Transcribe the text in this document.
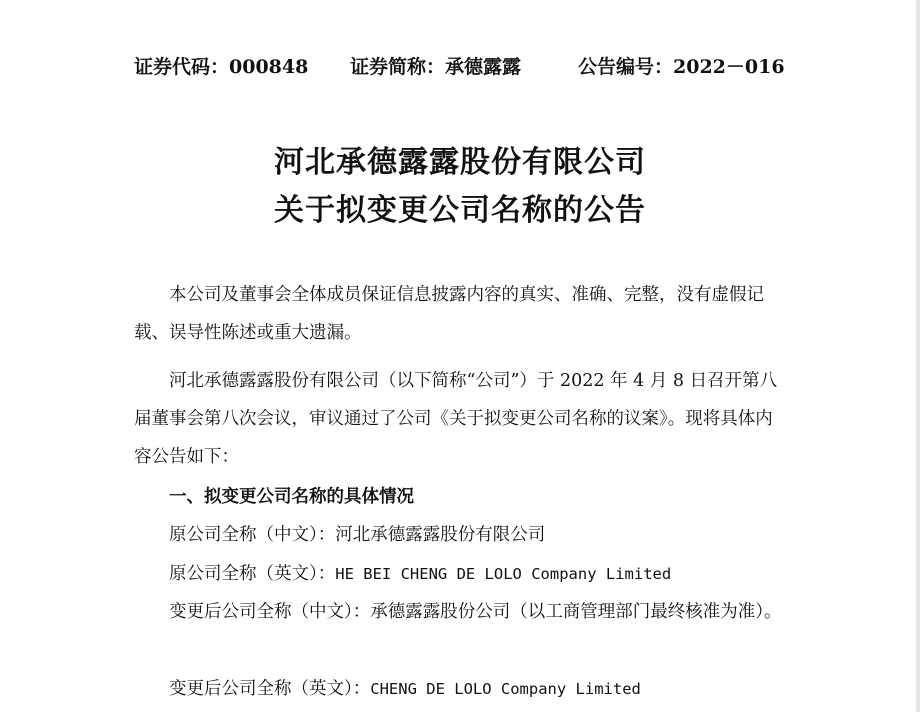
证券代码：000848 证券简称：承德露露	公告编号：2022－016
河北承德露露股份有限公司
关于拟变更公司名称的公告

本公司及董事会全体成员保证信息披露内容的真实、准确、完整，没有虚假记载、误导性陈述或重大遗漏。

河北承德露露股份有限公司（以下简称“公司”）于 2022 年 4 月 8 日召开第八届董事会第八次会议，审议通过了公司《关于拟变更公司名称的议案》。现将具体内容公告如下：

一、拟变更公司名称的具体情况

原公司全称（中文）：河北承德露露股份有限公司

原公司全称（英文）：HE BEI CHENG DE LOLO Company Limited

变更后公司全称（中文）：承德露露股份公司（以工商管理部门最终核准为准）。

变更后公司全称（英文）：CHENG DE LOLO Company Limited
